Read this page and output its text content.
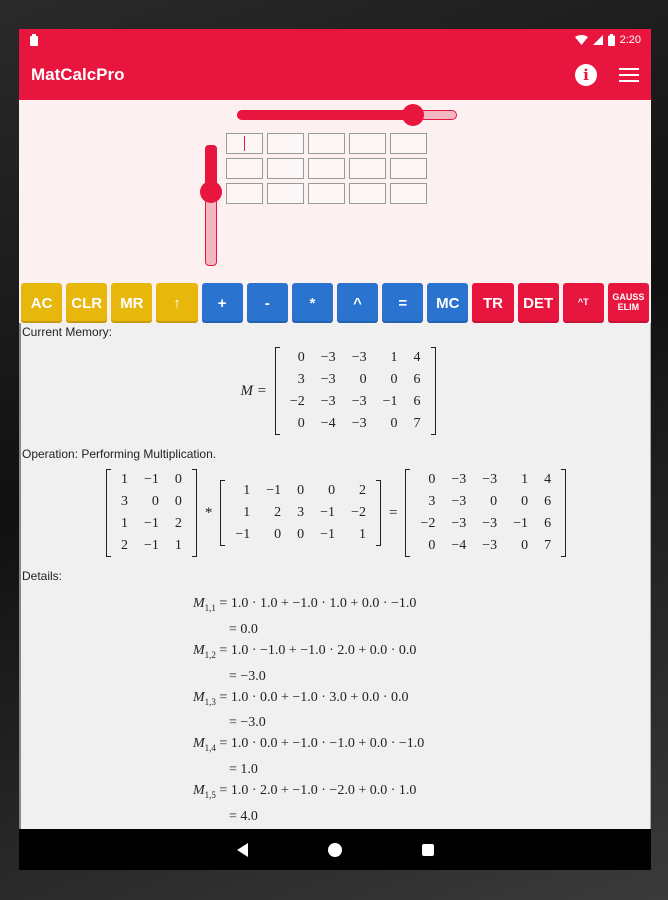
2:20
MatCalcPro	i
AC	CLR	MR	↑	+	-	*	^	=	MC	TR	DET	^T	GAUSS ELIM
Current Memory:
M =
0	−3	−3	1	4
3	−3	0	0	6
−2	−3	−3	−1	6
0	−4	−3	0	7
Operation: Performing Multiplication.
1	−1	0
3	0	0
1	−1	2
2	−1	1
*
1	−1	0	0	2
1	2	3	−1	−2
−1	0	0	−1	1
=
0	−3	−3	1	4
3	−3	0	0	6
−2	−3	−3	−1	6
0	−4	−3	0	7
Details:
$M_{1,1} = 1.0 \cdot 1.0 + -1.0 \cdot 1.0 + 0.0 \cdot -1.0$
= 0.0
$M_{1,2} = 1.0 \cdot -1.0 + -1.0 \cdot 2.0 + 0.0 \cdot 0.0$
= −3.0
$M_{1,3} = 1.0 \cdot 0.0 + -1.0 \cdot 3.0 + 0.0 \cdot 0.0$
= −3.0
$M_{1,4} = 1.0 \cdot 0.0 + -1.0 \cdot -1.0 + 0.0 \cdot -1.0$
= 1.0
$M_{1,5} = 1.0 \cdot 2.0 + -1.0 \cdot -2.0 + 0.0 \cdot 1.0$
= 4.0
